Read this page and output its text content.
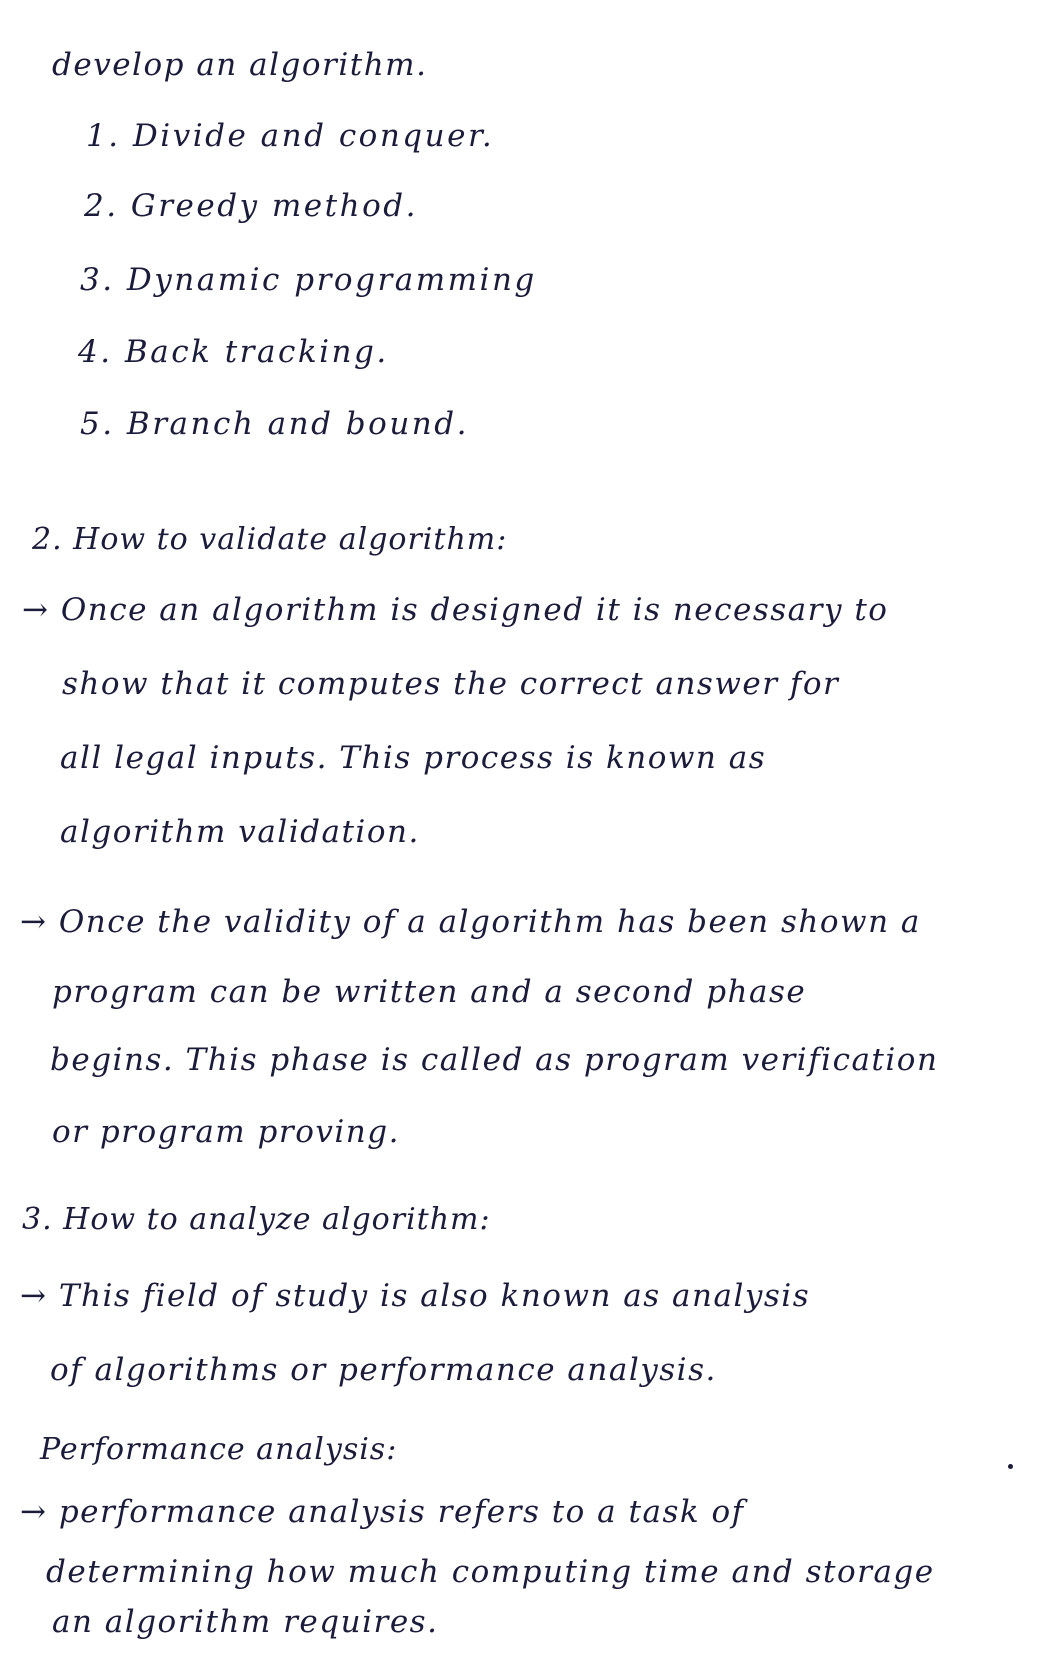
develop an algorithm.
1. Divide and conquer.
2. Greedy method.
3. Dynamic programming
4. Back tracking.
5. Branch and bound.
2. How to validate algorithm:
→ Once an algorithm is designed it is necessary to
show that it computes the correct answer for
all legal inputs. This process is known as
algorithm validation.
→ Once the validity of a algorithm has been shown a
program can be written and a second phase
begins. This phase is called as program verification
or program proving.
3. How to analyze algorithm:
→ This field of study is also known as analysis
of algorithms or performance analysis.
Performance analysis:
→ performance analysis refers to a task of
determining how much computing time and storage
an algorithm requires.
